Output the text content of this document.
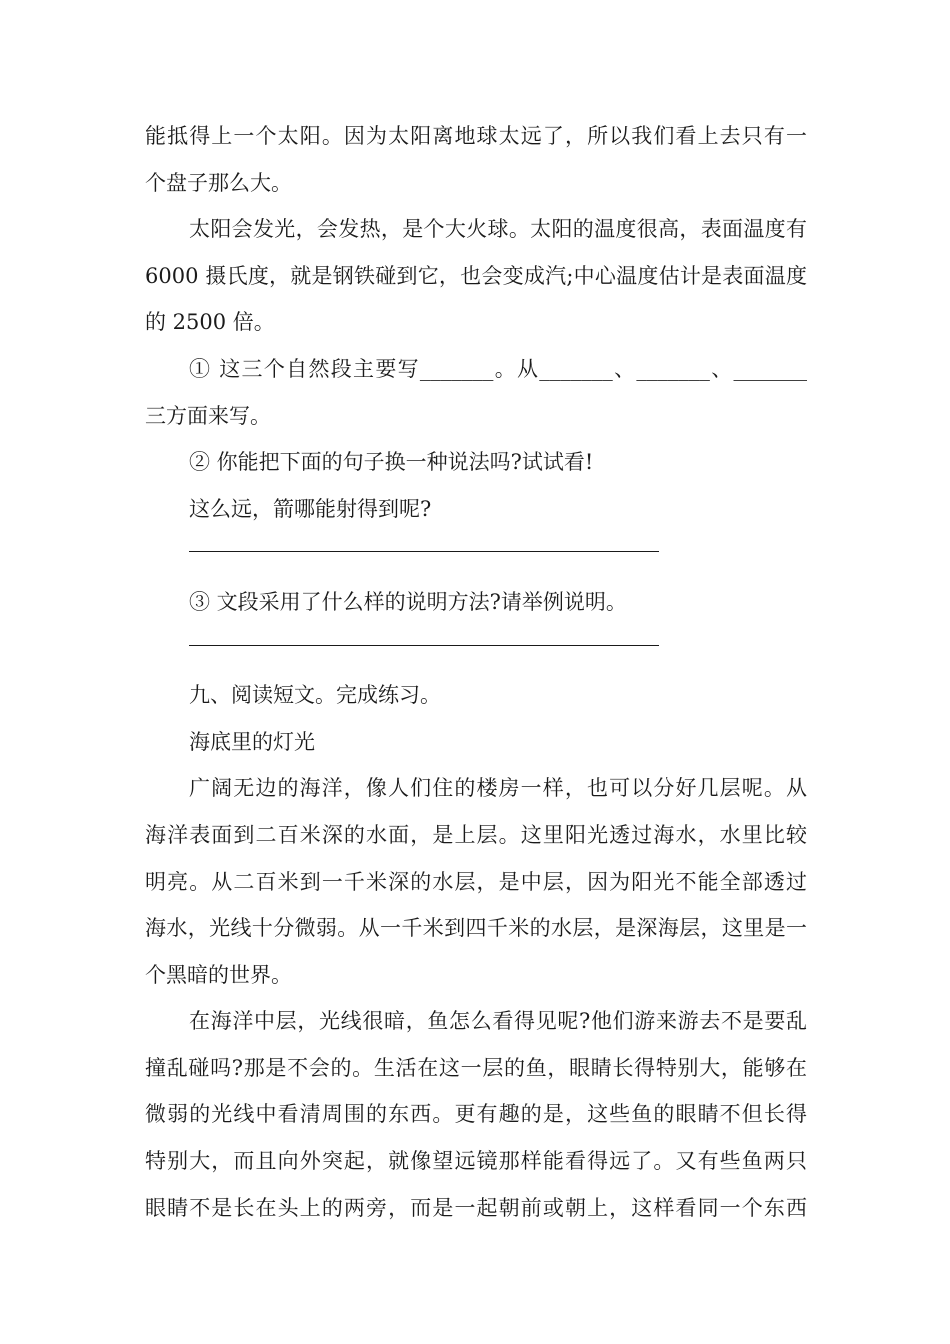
能抵得上一个太阳。因为太阳离地球太远了，所以我们看上去只有一
个盘子那么大。
太阳会发光，会发热，是个大火球。太阳的温度很高，表面温度有
6000 摄氏度，就是钢铁碰到它，也会变成汽;中心温度估计是表面温度
的 2500 倍。
① 这三个自然段主要写_______。从_______、_______、_______
三方面来写。
② 你能把下面的句子换一种说法吗?试试看!
这么远，箭哪能射得到呢?
③ 文段采用了什么样的说明方法?请举例说明。
九、阅读短文。完成练习。
海底里的灯光
广阔无边的海洋，像人们住的楼房一样，也可以分好几层呢。从
海洋表面到二百米深的水面，是上层。这里阳光透过海水，水里比较
明亮。从二百米到一千米深的水层，是中层，因为阳光不能全部透过
海水，光线十分微弱。从一千米到四千米的水层，是深海层，这里是一
个黑暗的世界。
在海洋中层，光线很暗，鱼怎么看得见呢?他们游来游去不是要乱
撞乱碰吗?那是不会的。生活在这一层的鱼，眼睛长得特别大，能够在
微弱的光线中看清周围的东西。更有趣的是，这些鱼的眼睛不但长得
特别大，而且向外突起，就像望远镜那样能看得远了。又有些鱼两只
眼睛不是长在头上的两旁，而是一起朝前或朝上，这样看同一个东西
